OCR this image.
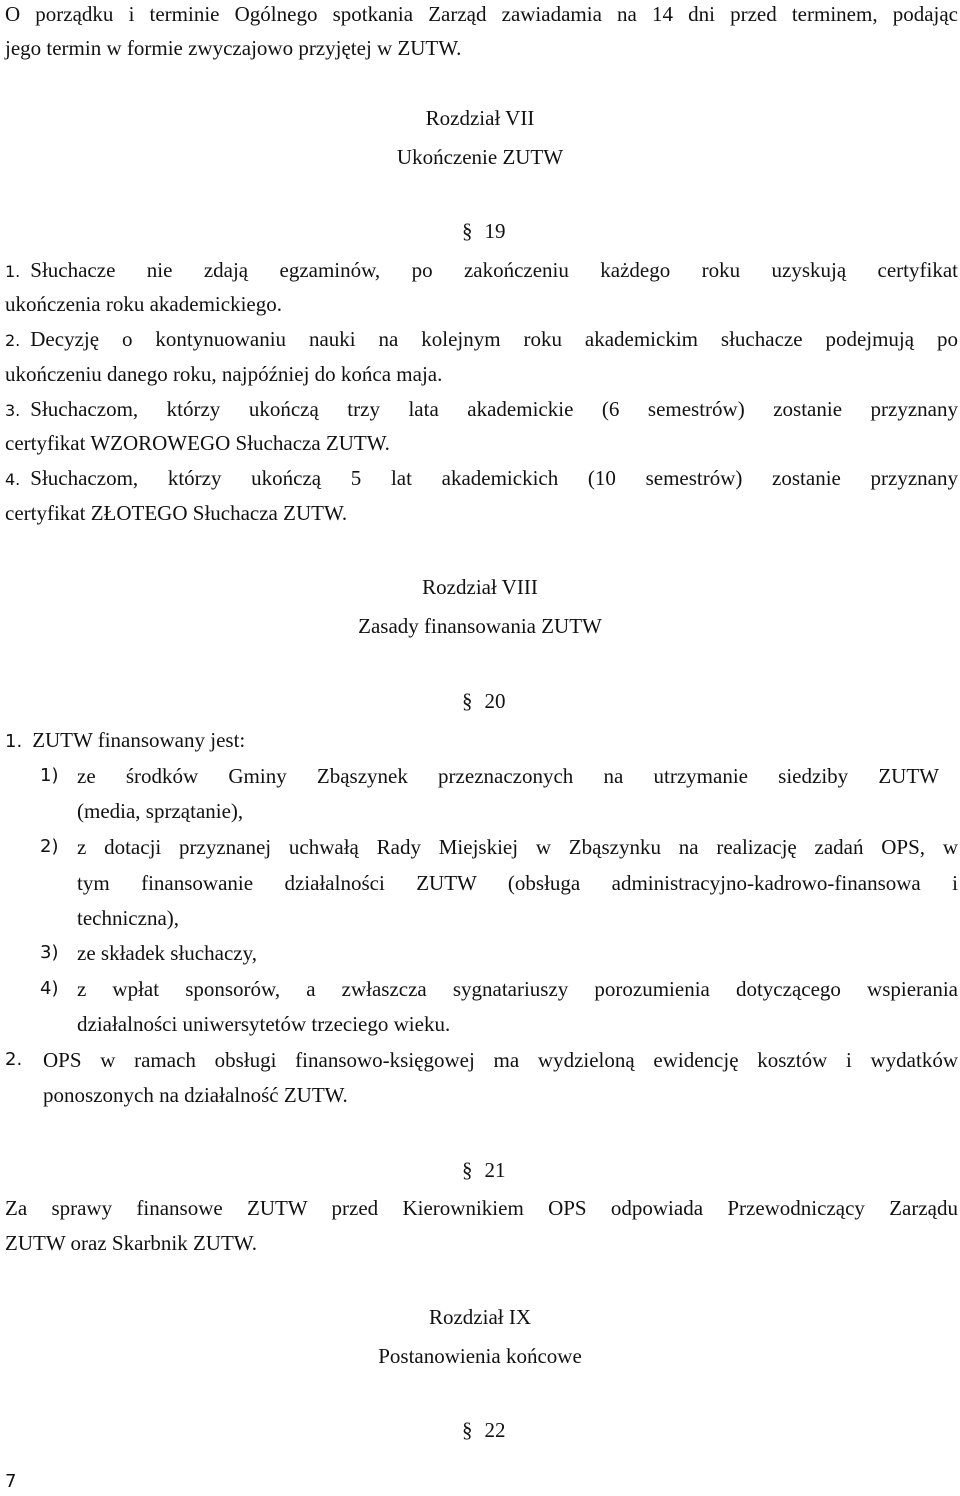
O porządku i terminie Ogólnego spotkania Zarząd zawiadamia na 14 dni przed terminem, podając
jego termin w formie zwyczajowo przyjętej w ZUTW.
Rozdział VII
Ukończenie ZUTW
§ 19
1. Słuchacze nie zdają egzaminów, po zakończeniu każdego roku uzyskują certyfikat
ukończenia roku akademickiego.
2. Decyzję o kontynuowaniu nauki na kolejnym roku akademickim słuchacze podejmują po
ukończeniu danego roku, najpóźniej do końca maja.
3. Słuchaczom, którzy ukończą trzy lata akademickie (6 semestrów) zostanie przyznany
certyfikat WZOROWEGO Słuchacza ZUTW.
4. Słuchaczom, którzy ukończą 5 lat akademickich (10 semestrów) zostanie przyznany
certyfikat ZŁOTEGO Słuchacza ZUTW.
Rozdział VIII
Zasady finansowania ZUTW
§ 20
1. ZUTW finansowany jest:
1) ze środków Gminy Zbąszynek przeznaczonych na utrzymanie siedziby ZUTW
(media, sprzątanie),
2) z dotacji przyznanej uchwałą Rady Miejskiej w Zbąszynku na realizację zadań OPS, w
tym finansowanie działalności ZUTW (obsługa administracyjno-kadrowo-finansowa i
techniczna),
3) ze składek słuchaczy,
4) z wpłat sponsorów, a zwłaszcza sygnatariuszy porozumienia dotyczącego wspierania
działalności uniwersytetów trzeciego wieku.
2. OPS w ramach obsługi finansowo-księgowej ma wydzieloną ewidencję kosztów i wydatków
ponoszonych na działalność ZUTW.
§ 21
Za sprawy finansowe ZUTW przed Kierownikiem OPS odpowiada Przewodniczący Zarządu
ZUTW oraz Skarbnik ZUTW.
Rozdział IX
Postanowienia końcowe
§ 22
7
